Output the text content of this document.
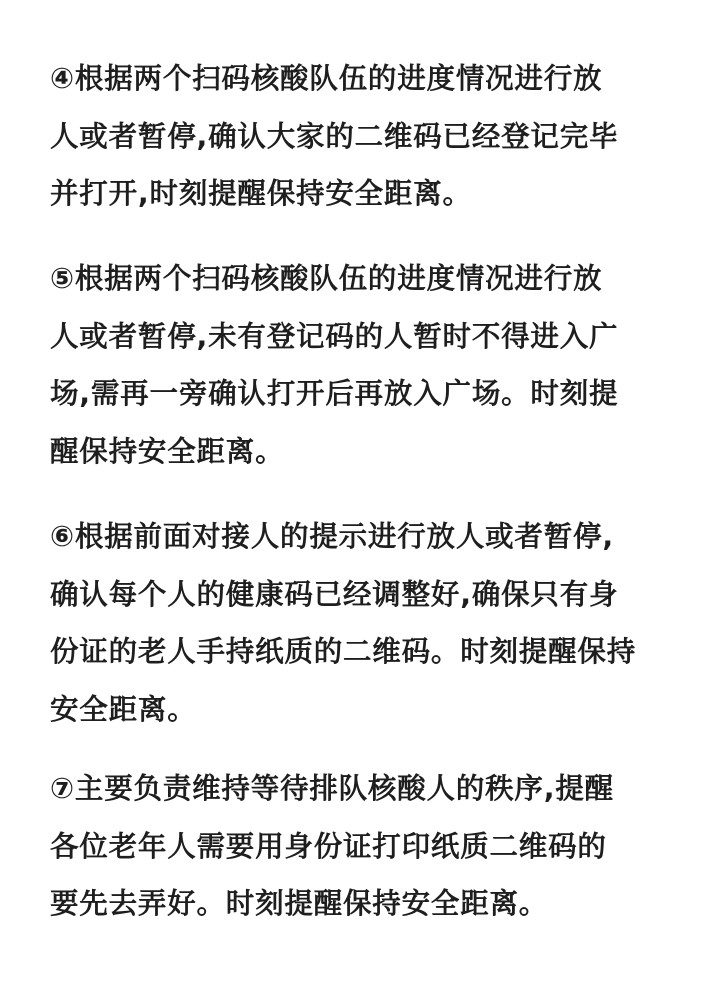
④根据两个扫码核酸队伍的进度情况进行放
人或者暂停,确认大家的二维码已经登记完毕
并打开,时刻提醒保持安全距离。
⑤根据两个扫码核酸队伍的进度情况进行放
人或者暂停,未有登记码的人暂时不得进入广
场,需再一旁确认打开后再放入广场。时刻提
醒保持安全距离。
⑥根据前面对接人的提示进行放人或者暂停,
确认每个人的健康码已经调整好,确保只有身
份证的老人手持纸质的二维码。时刻提醒保持
安全距离。
⑦主要负责维持等待排队核酸人的秩序,提醒
各位老年人需要用身份证打印纸质二维码的
要先去弄好。时刻提醒保持安全距离。
